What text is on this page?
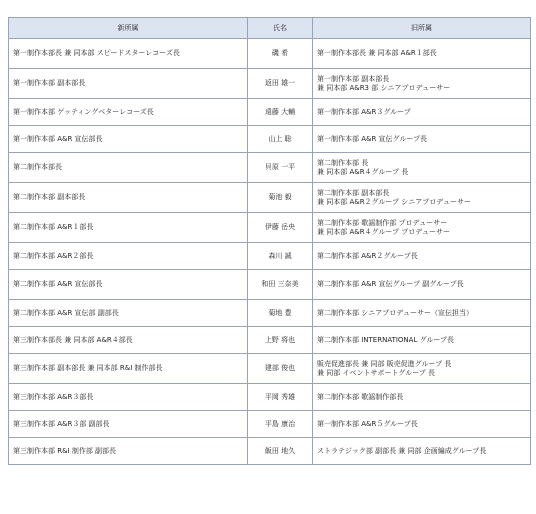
新所属	氏名	旧所属
第一制作本部長 兼 同本部 スピードスターレコーズ長	磯 希	第一制作本部長 兼 同本部 A&R１部長

第一制作本部 副本部長	返田 雄一	第一制作本部 副本部長
兼 同本部 A&R3 部 シニアプロデューサー

第一制作本部 ゲッティングベターレコーズ長	遠藤 大輔	第一制作本部 A&R３グループ

第一制作本部 A&R 宣伝部長	山上 聡	第一制作本部 A&R 宣伝グループ長

第二制作本部長	貝原 一平	第二制作本部 長
兼 同本部 A&R４グループ 長

第二制作本部 副本部長	菊池 毅	第二制作本部 副本部長
兼 同本部 A&R２グループ シニアプロデューサー

第二制作本部 A&R１部長	伊藤 岳央	第二制作本部 歌謡制作部 プロデューサー
兼 同本部 A&R４グループ プロデューサー

第二制作本部 A&R２部長	森川 誠	第二制作本部 A&R２グループ長

第二制作本部 A&R 宣伝部長	和田 三奈美	第二制作本部 A&R 宣伝グループ 副グループ長

第二制作本部 A&R 宣伝部 副部長	菊地 豊	第二制作本部 シニアプロデューサー（宣伝担当）

第三制作本部長 兼 同本部 A&R４部長	上野 将也	第二制作本部 INTERNATIONAL グループ長

第三制作本部 副本部長 兼 同本部 R&I 制作部長	建部 俊也	販売促進部長 兼 同部 販売促進グループ 長
兼 同部 イベントサポートグループ 長

第三制作本部 A&R３部長	平岡 秀雄	第二制作本部 歌謡制作部長

第三制作本部 A&R３部 副部長	平島 康治	第一制作本部 A&R５グループ長

第三制作本部 R&I 制作部 副部長	飯田 地久	ストラテジック部 副部長 兼 同部 企画編成グループ長
